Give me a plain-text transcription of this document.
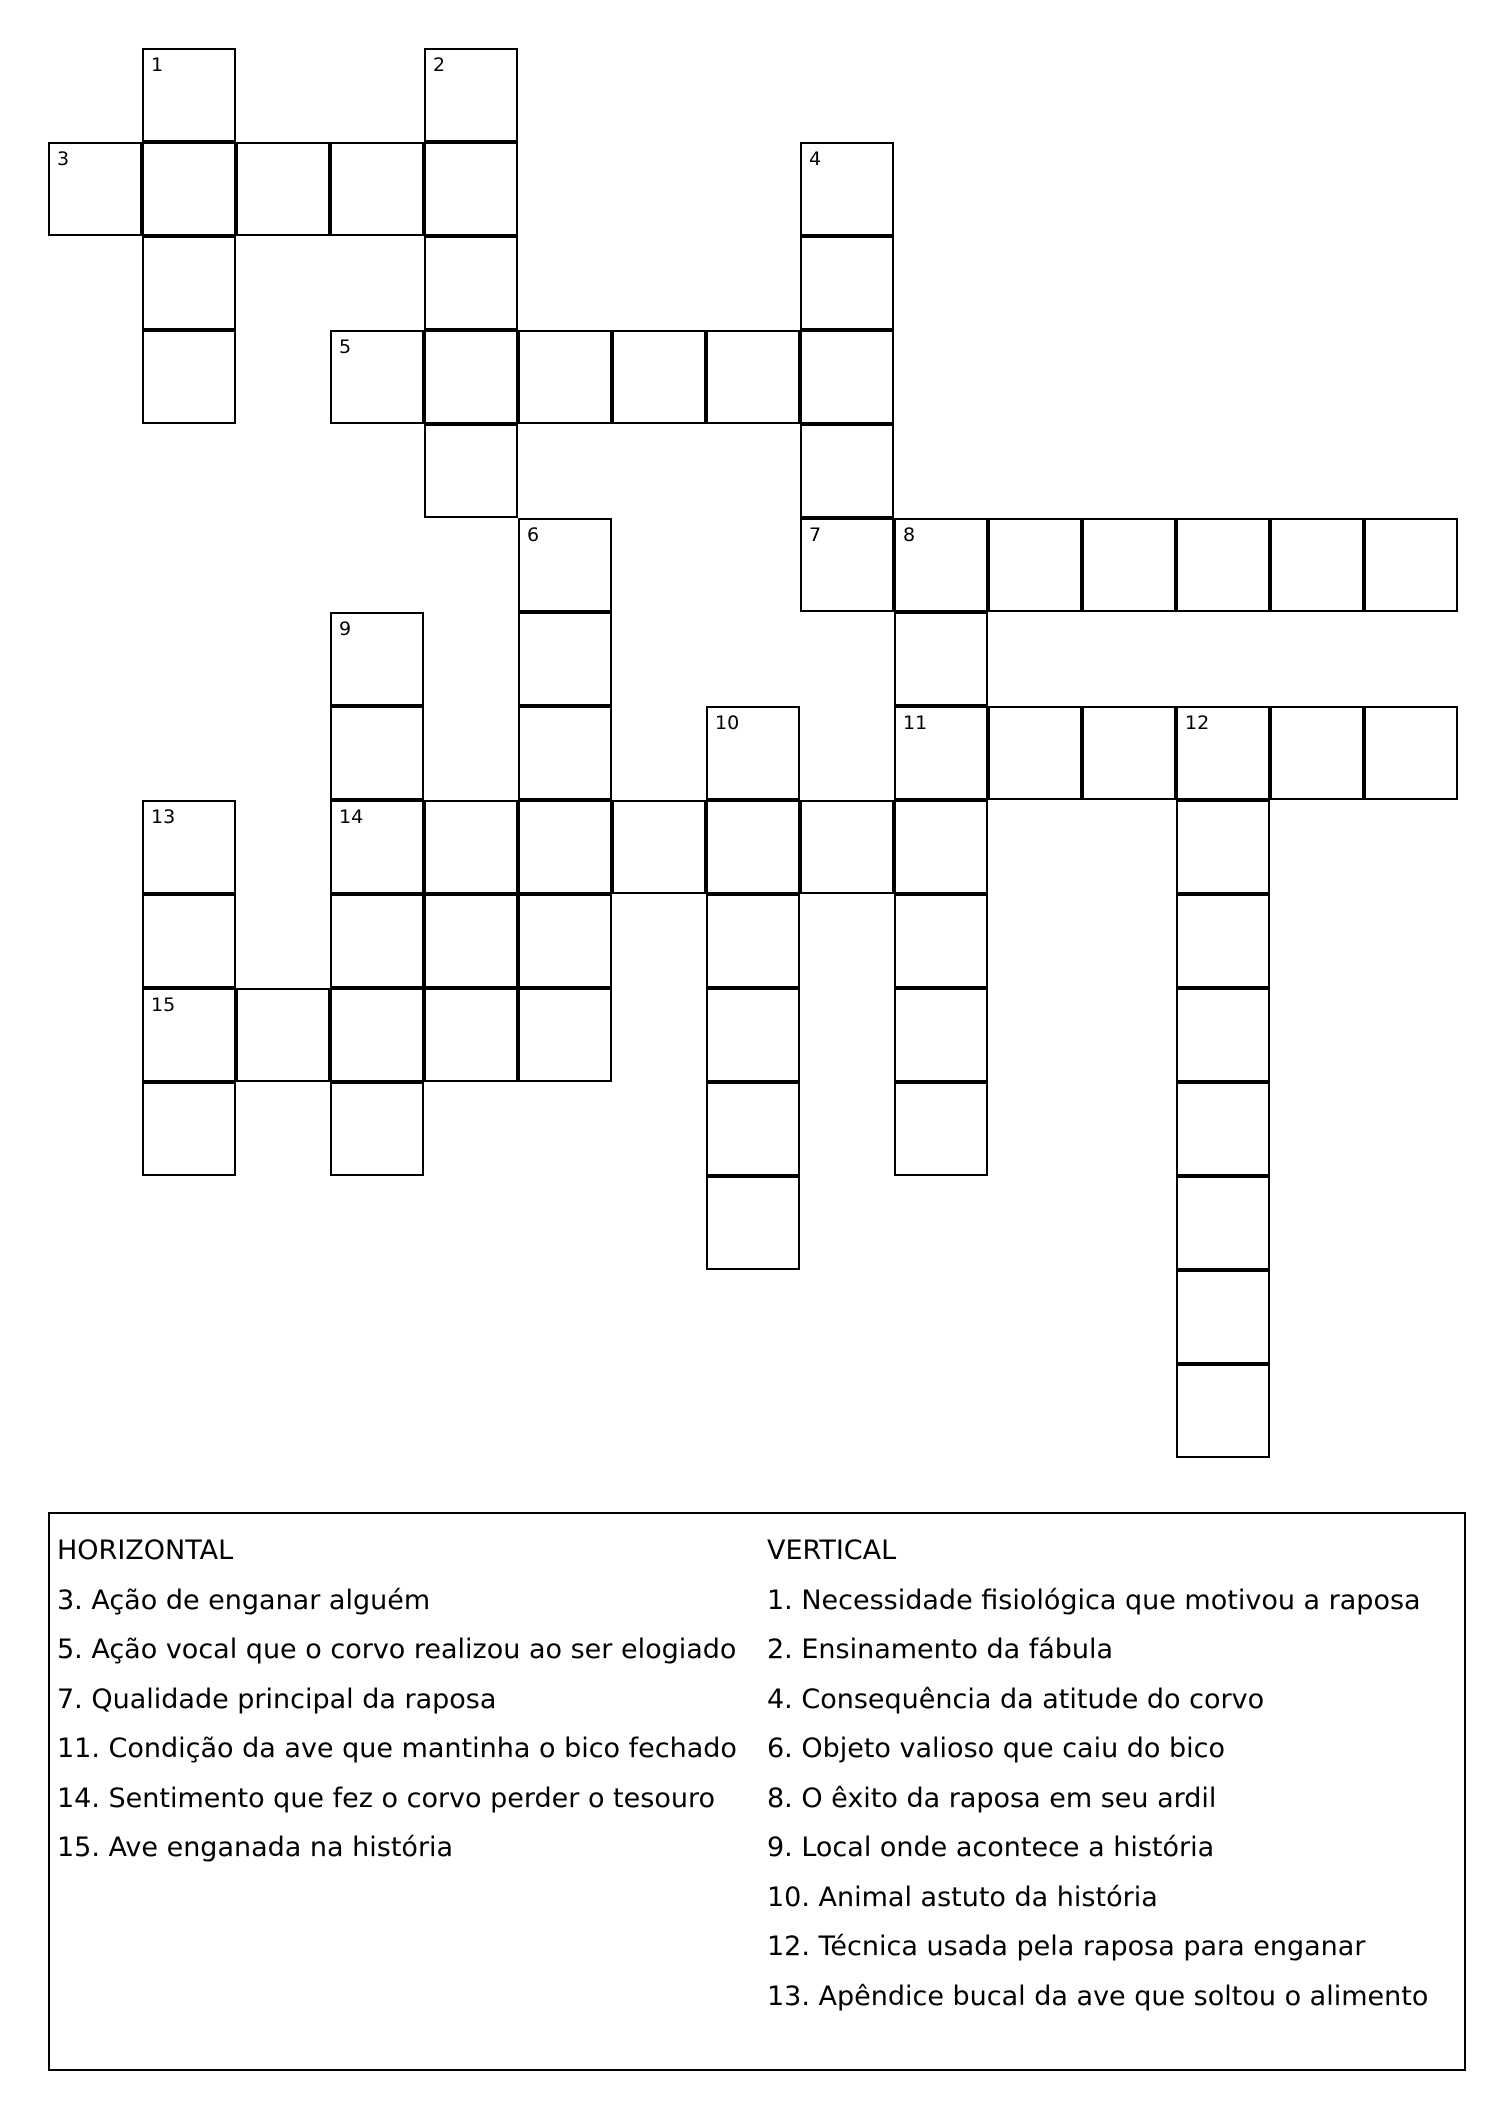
1	2
3	4
5
6	7	8
9
10	11	12
13	14
15
HORIZONTAL
3. Ação de enganar alguém
5. Ação vocal que o corvo realizou ao ser elogiado
7. Qualidade principal da raposa
11. Condição da ave que mantinha o bico fechado
14. Sentimento que fez o corvo perder o tesouro
15. Ave enganada na história
VERTICAL
1. Necessidade fisiológica que motivou a raposa
2. Ensinamento da fábula
4. Consequência da atitude do corvo
6. Objeto valioso que caiu do bico
8. O êxito da raposa em seu ardil
9. Local onde acontece a história
10. Animal astuto da história
12. Técnica usada pela raposa para enganar
13. Apêndice bucal da ave que soltou o alimento
